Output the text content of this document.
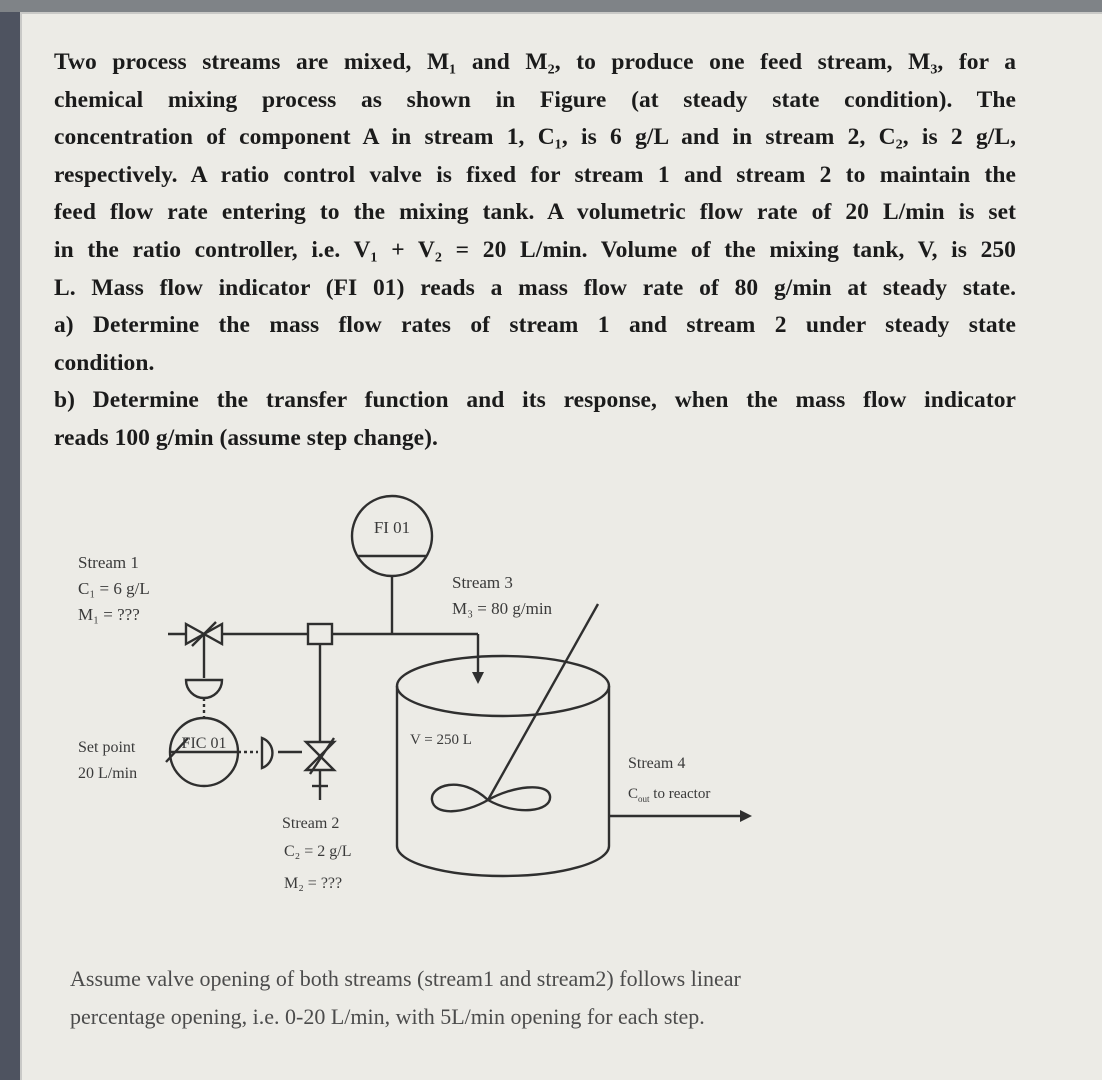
Two process streams are mixed, M₁ and M₂, to produce one feed stream, M₃, for a
chemical mixing process as shown in Figure (at steady state condition). The
concentration of component A in stream 1, C₁, is 6 g/L and in stream 2, C₂, is 2 g/L,
respectively. A ratio control valve is fixed for stream 1 and stream 2 to maintain the
feed flow rate entering to the mixing tank. A volumetric flow rate of 20 L/min is set
in the ratio controller, i.e. V₁ + V₂ = 20 L/min. Volume of the mixing tank, V, is 250
L. Mass flow indicator (FI 01) reads a mass flow rate of 80 g/min at steady state.
a) Determine the mass flow rates of stream 1 and stream 2 under steady state
condition.
b) Determine the transfer function and its response, when the mass flow indicator
reads 100 g/min (assume step change).
FI 01
FIC 01	V = 250 L
Stream 1
C₁ = 6 g/L
M₁ = ???
Stream 3
M₃ = 80 g/min
Set point
20 L/min
Stream 2
C₂ = 2 g/L
M₂ = ???
Stream 4
$C_{out}$ to reactor
Assume valve opening of both streams (stream1 and stream2) follows linear
percentage opening, i.e. 0-20 L/min, with 5L/min opening for each step.
